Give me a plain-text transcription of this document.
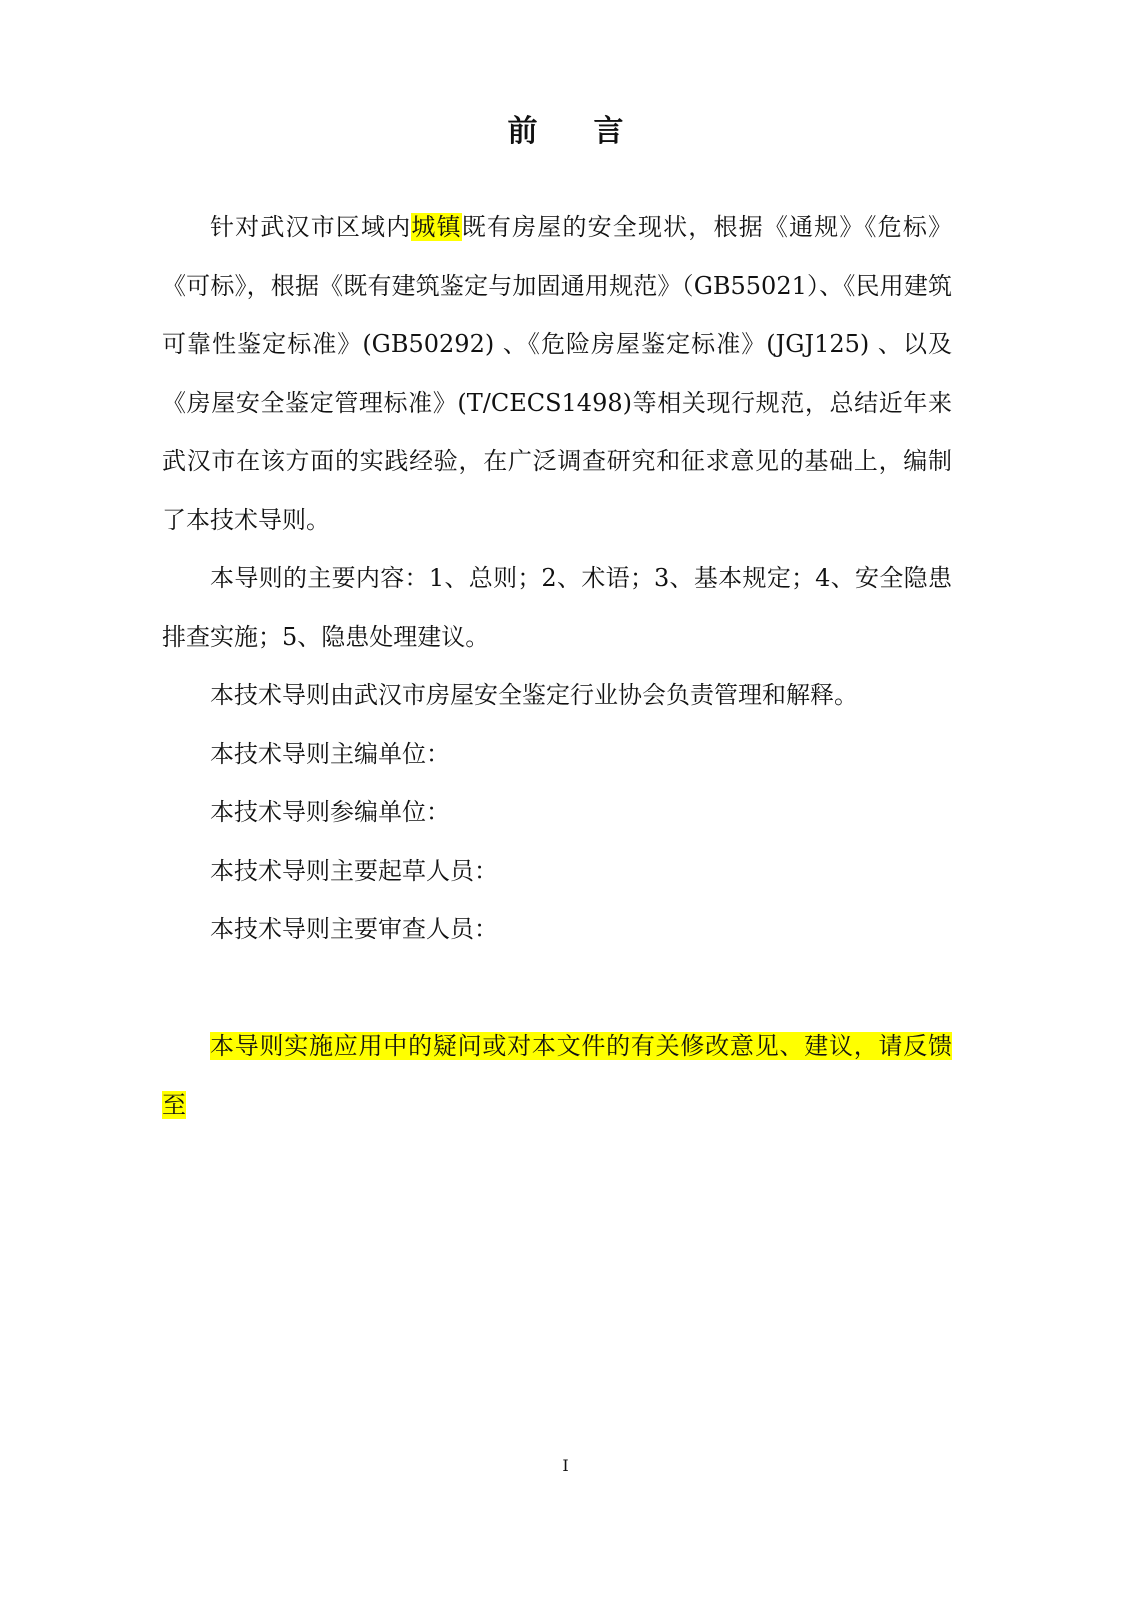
前 言

针对武汉市区域内城镇既有房屋的安全现状，根据《通规》《危标》《可标》，根据《既有建筑鉴定与加固通用规范》（GB55021）、《民用建筑可靠性鉴定标准》(GB50292) 、《危险房屋鉴定标准》(JGJ125) 、以及《房屋安全鉴定管理标准》(T/CECS1498)等相关现行规范，总结近年来武汉市在该方面的实践经验，在广泛调查研究和征求意见的基础上，编制了本技术导则。

本导则的主要内容：1、总则；2、术语；3、基本规定；4、安全隐患排查实施；5、隐患处理建议。

本技术导则由武汉市房屋安全鉴定行业协会负责管理和解释。

本技术导则主编单位：

本技术导则参编单位：

本技术导则主要起草人员：

本技术导则主要审查人员：

本导则实施应用中的疑问或对本文件的有关修改意见、建议，请反馈至

I
